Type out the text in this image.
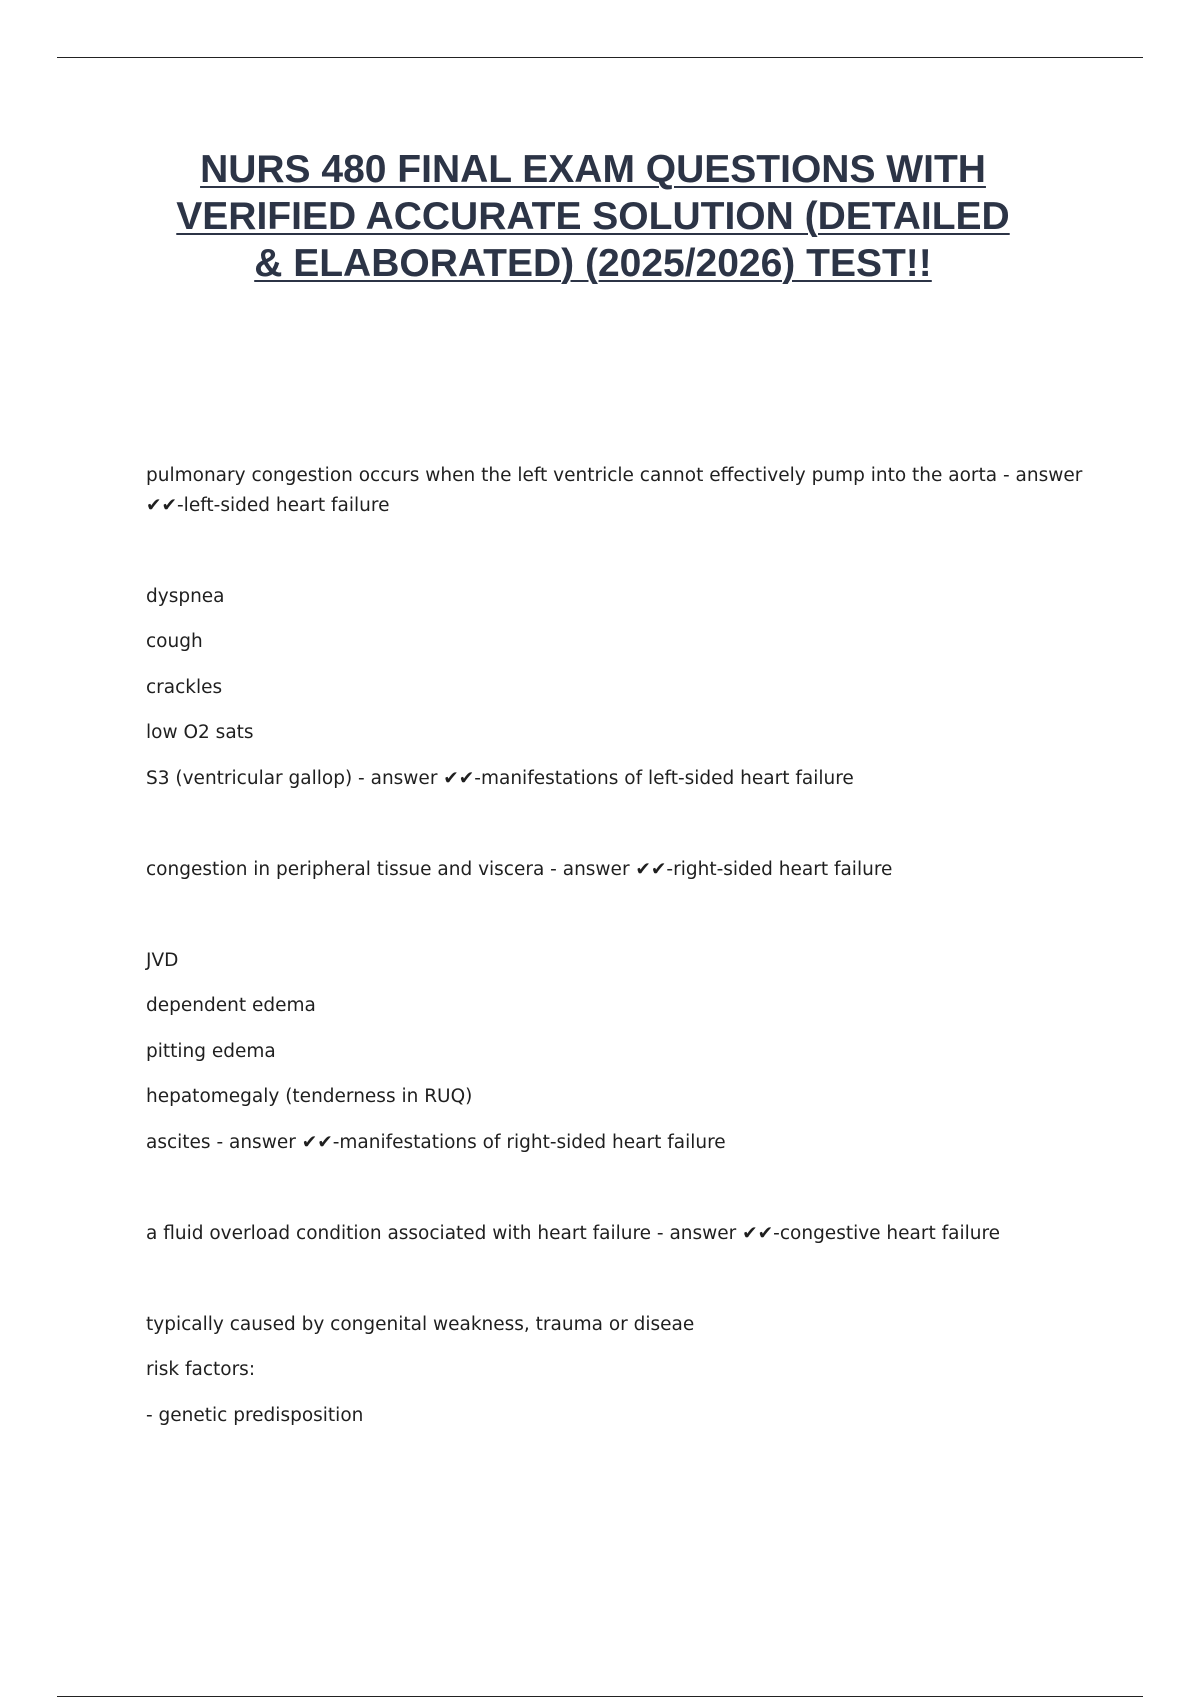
NURS 480 FINAL EXAM QUESTIONS WITH
VERIFIED ACCURATE SOLUTION (DETAILED
& ELABORATED) (2025/2026) TEST!!
pulmonary congestion occurs when the left ventricle cannot effectively pump into the aorta - answer
✔✔-left-sided heart failure
dyspnea
cough
crackles
low O2 sats
S3 (ventricular gallop) - answer ✔✔-manifestations of left-sided heart failure
congestion in peripheral tissue and viscera - answer ✔✔-right-sided heart failure
JVD
dependent edema
pitting edema
hepatomegaly (tenderness in RUQ)
ascites - answer ✔✔-manifestations of right-sided heart failure
a fluid overload condition associated with heart failure - answer ✔✔-congestive heart failure
typically caused by congenital weakness, trauma or diseae
risk factors:
- genetic predisposition
